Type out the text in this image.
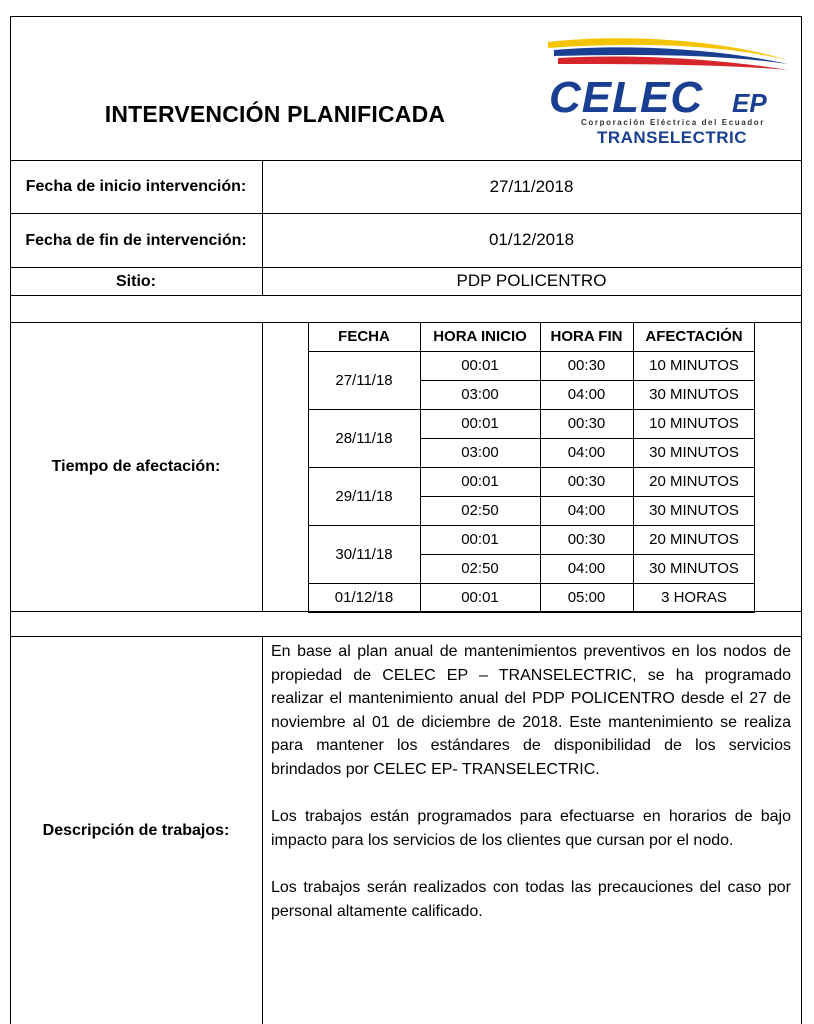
INTERVENCIÓN PLANIFICADA	CELEC EP
Corporación Eléctrica del Ecuador
TRANSELECTRIC
Fecha de inicio intervención:	27/11/2018
Fecha de fin de intervención:	01/12/2018
Sitio:	PDP POLICENTRO
Tiempo de afectación:
FECHA	HORA INICIO	HORA FIN	AFECTACIÓN
27/11/18
00:01	00:30	10 MINUTOS
03:00	04:00	30 MINUTOS
28/11/18
00:01	00:30	10 MINUTOS
03:00	04:00	30 MINUTOS
29/11/18
00:01	00:30	20 MINUTOS
02:50	04:00	30 MINUTOS
30/11/18
00:01	00:30	20 MINUTOS
02:50	04:00	30 MINUTOS
01/12/18	00:01	05:00	3 HORAS
Descripción de trabajos:

En base al plan anual de mantenimientos preventivos en los nodos de propiedad de CELEC EP – TRANSELECTRIC, se ha programado realizar el mantenimiento anual del PDP POLICENTRO desde el 27 de noviembre al 01 de diciembre de 2018. Este mantenimiento se realiza para mantener los estándares de disponibilidad de los servicios brindados por CELEC EP- TRANSELECTRIC.

Los trabajos están programados para efectuarse en horarios de bajo impacto para los servicios de los clientes que cursan por el nodo.

Los trabajos serán realizados con todas las precauciones del caso por personal altamente calificado.
